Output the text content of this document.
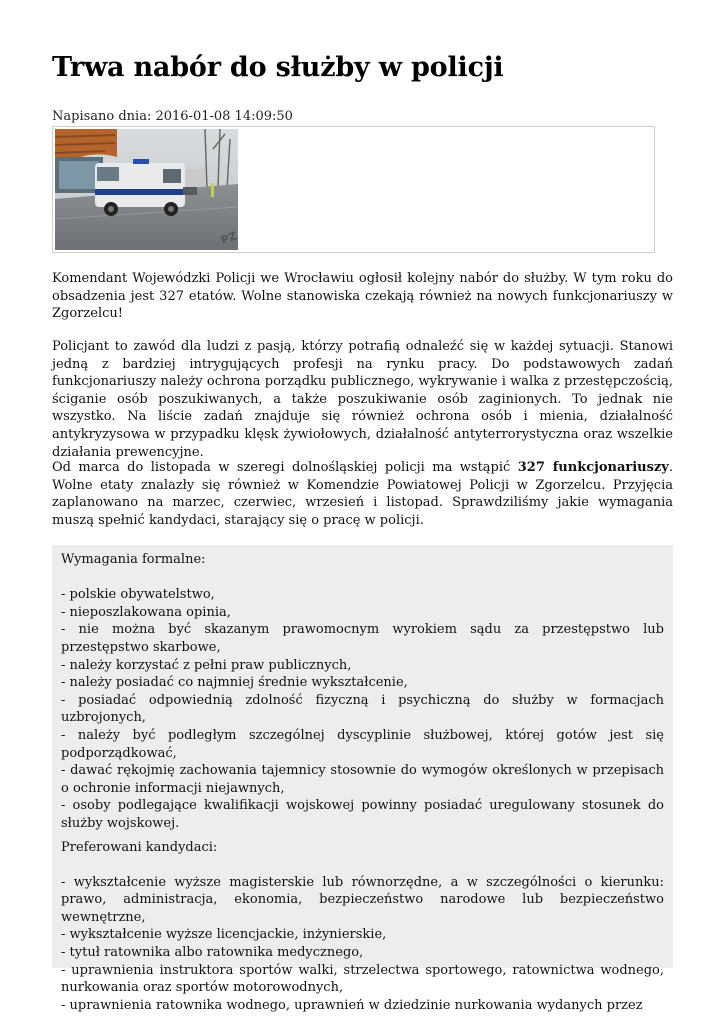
Trwa nabór do służby w policji
Napisano dnia: 2016-01-08 14:09:50
PZ

Komendant Wojewódzki Policji we Wrocławiu ogłosił kolejny nabór do służby. W tym roku do obsadzenia jest 327 etatów. Wolne stanowiska czekają również na nowych funkcjonariuszy w Zgorzelcu!

Policjant to zawód dla ludzi z pasją, którzy potrafią odnaleźć się w każdej sytuacji. Stanowi jedną z bardziej intrygujących profesji na rynku pracy. Do podstawowych zadań funkcjonariuszy należy ochrona porządku publicznego, wykrywanie i walka z przestępczością, ściganie osób poszukiwanych, a także poszukiwanie osób zaginionych. To jednak nie wszystko. Na liście zadań znajduje się również ochrona osób i mienia, działalność antykryzysowa w przypadku klęsk żywiołowych, działalność antyterrorystyczna oraz wszelkie działania prewencyjne.

Od marca do listopada w szeregi dolnośląskiej policji ma wstąpić 327 funkcjonariuszy. Wolne etaty znalazły się również w Komendzie Powiatowej Policji w Zgorzelcu. Przyjęcia zaplanowano na marzec, czerwiec, wrzesień i listopad. Sprawdziliśmy jakie wymagania muszą spełnić kandydaci, starający się o pracę w policji.

Wymagania formalne:
- polskie obywatelstwo,
- nieposzlakowana opinia,
- nie można być skazanym prawomocnym wyrokiem sądu za przestępstwo lub przestępstwo skarbowe,
- należy korzystać z pełni praw publicznych,
- należy posiadać co najmniej średnie wykształcenie,
- posiadać odpowiednią zdolność fizyczną i psychiczną do służby w formacjach uzbrojonych,
- należy być podległym szczególnej dyscyplinie służbowej, której gotów jest się podporządkować,
- dawać rękojmię zachowania tajemnicy stosownie do wymogów określonych w przepisach o ochronie informacji niejawnych,
- osoby podlegające kwalifikacji wojskowej powinny posiadać uregulowany stosunek do służby wojskowej.
Preferowani kandydaci:
- wykształcenie wyższe magisterskie lub równorzędne, a w szczególności o kierunku: prawo, administracja, ekonomia, bezpieczeństwo narodowe lub bezpieczeństwo wewnętrzne,
- wykształcenie wyższe licencjackie, inżynierskie,
- tytuł ratownika albo ratownika medycznego,
- uprawnienia instruktora sportów walki, strzelectwa sportowego, ratownictwa wodnego, nurkowania oraz sportów motorowodnych,
- uprawnienia ratownika wodnego, uprawnień w dziedzinie nurkowania wydanych przez
